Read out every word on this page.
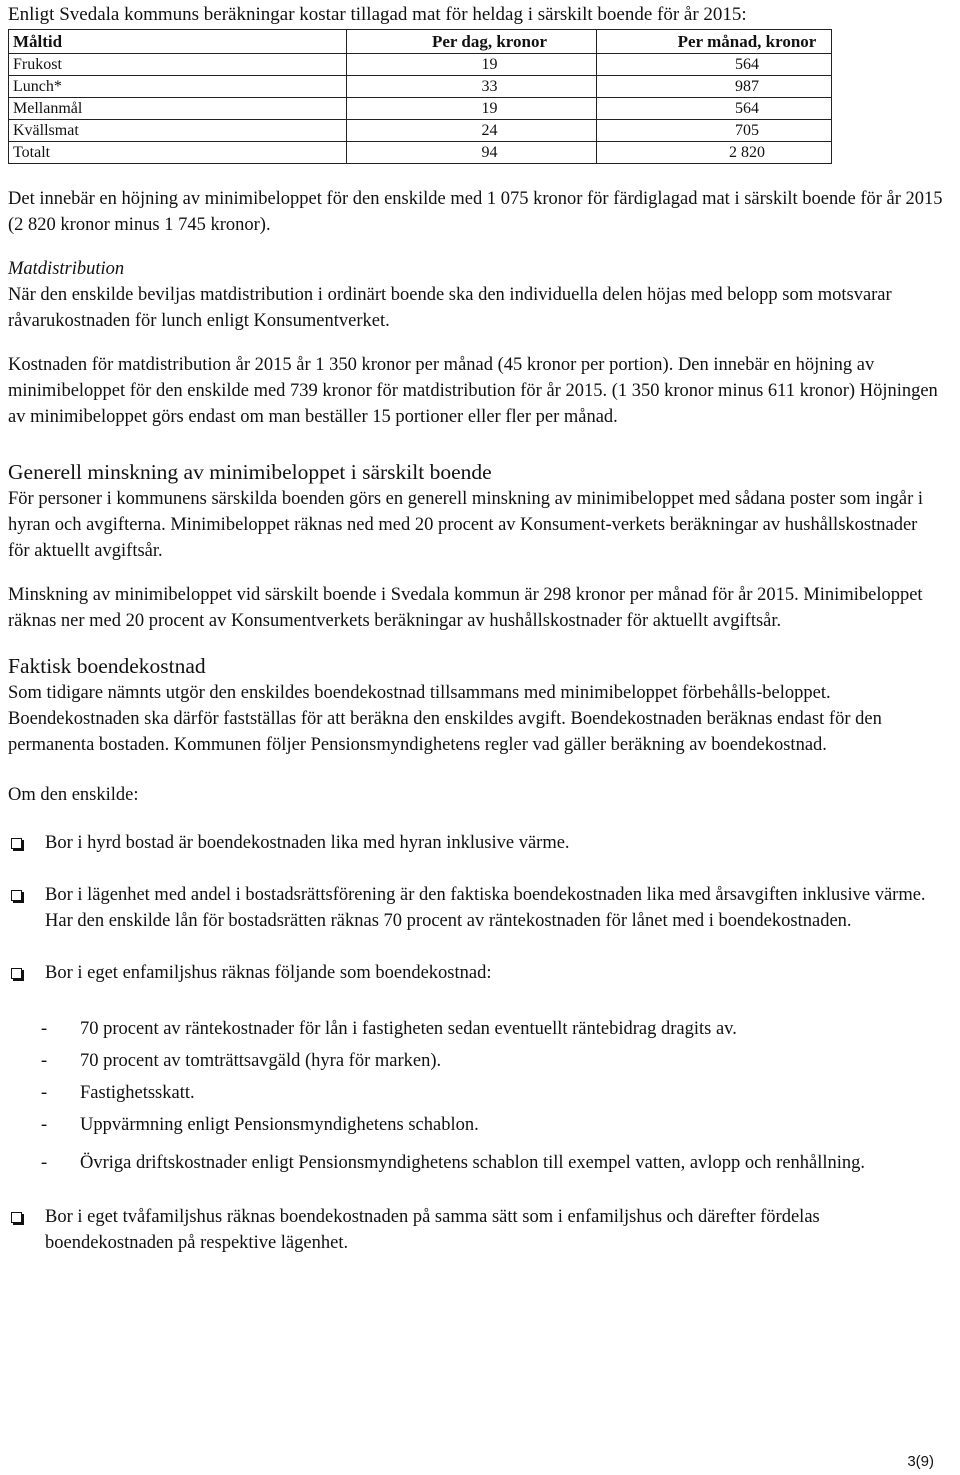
Enligt Svedala kommuns beräkningar kostar tillagad mat för heldag i särskilt boende för år 2015:

Måltid	Per dag, kronor	Per månad, kronor
Frukost	19	564
Lunch*	33	987
Mellanmål	19	564
Kvällsmat	24	705
Totalt	94	2 820

Det innebär en höjning av minimibeloppet för den enskilde med 1 075 kronor för färdiglagad mat i särskilt boende för år 2015 (2 820 kronor minus 1 745 kronor).

Matdistribution

När den enskilde beviljas matdistribution i ordinärt boende ska den individuella delen höjas med belopp som motsvarar råvarukostnaden för lunch enligt Konsumentverket.

Kostnaden för matdistribution år 2015 år 1 350 kronor per månad (45 kronor per portion). Den innebär en höjning av minimibeloppet för den enskilde med 739 kronor för matdistribution för år 2015. (1 350 kronor minus 611 kronor) Höjningen av minimibeloppet görs endast om man beställer 15 portioner eller fler per månad.

Generell minskning av minimibeloppet i särskilt boende

För personer i kommunens särskilda boenden görs en generell minskning av minimibeloppet med sådana poster som ingår i hyran och avgifterna. Minimibeloppet räknas ned med 20 procent av Konsument-verkets beräkningar av hushållskostnader för aktuellt avgiftsår.

Minskning av minimibeloppet vid särskilt boende i Svedala kommun är 298 kronor per månad för år 2015. Minimibeloppet räknas ner med 20 procent av Konsumentverkets beräkningar av hushållskostnader för aktuellt avgiftsår.

Faktisk boendekostnad

Som tidigare nämnts utgör den enskildes boendekostnad tillsammans med minimibeloppet förbehålls-beloppet. Boendekostnaden ska därför fastställas för att beräkna den enskildes avgift. Boendekostnaden beräknas endast för den permanenta bostaden. Kommunen följer Pensionsmyndighetens regler vad gäller beräkning av boendekostnad.

Om den enskilde:

Bor i hyrd bostad är boendekostnaden lika med hyran inklusive värme.
Bor i lägenhet med andel i bostadsrättsförening är den faktiska boendekostnaden lika med årsavgiften inklusive värme. Har den enskilde lån för bostadsrätten räknas 70 procent av räntekostnaden för lånet med i boendekostnaden.
Bor i eget enfamiljshus räknas följande som boendekostnad:
- 70 procent av räntekostnader för lån i fastigheten sedan eventuellt räntebidrag dragits av.
- 70 procent av tomträttsavgäld (hyra för marken).
- Fastighetsskatt.
- Uppvärmning enligt Pensionsmyndighetens schablon.
- Övriga driftskostnader enligt Pensionsmyndighetens schablon till exempel vatten, avlopp och renhållning.
Bor i eget tvåfamiljshus räknas boendekostnaden på samma sätt som i enfamiljshus och därefter fördelas boendekostnaden på respektive lägenhet.
3(9)
